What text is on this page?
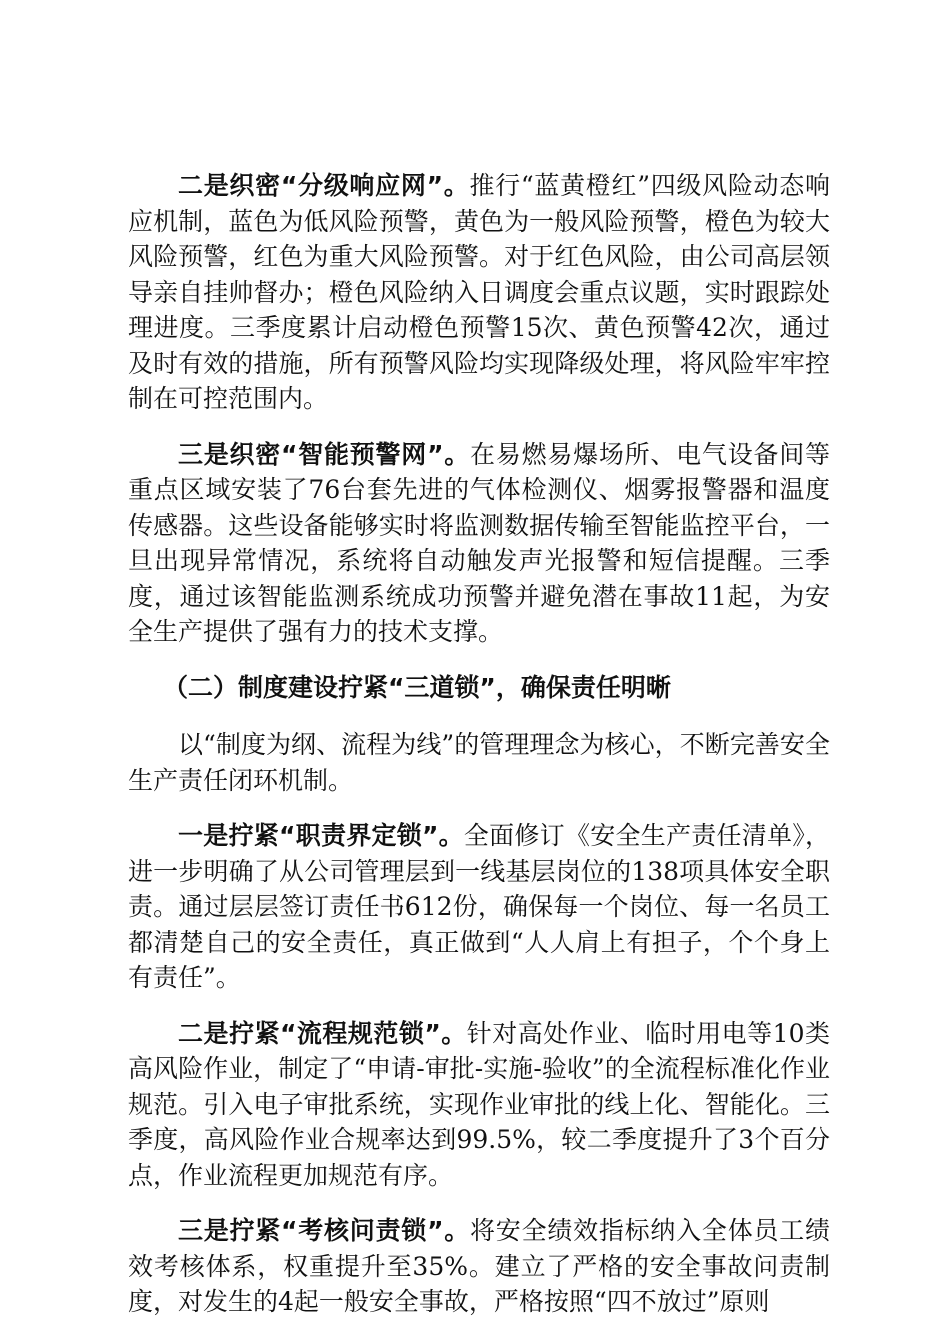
二是织密“分级响应网”。推行“蓝黄橙红”四级风险动态响应机制，蓝色为低风险预警，黄色为一般风险预警，橙色为较大风险预警，红色为重大风险预警。对于红色风险，由公司高层领导亲自挂帅督办；橙色风险纳入日调度会重点议题，实时跟踪处理进度。三季度累计启动橙色预警15次、黄色预警42次，通过及时有效的措施，所有预警风险均实现降级处理，将风险牢牢控制在可控范围内。

三是织密“智能预警网”。在易燃易爆场所、电气设备间等重点区域安装了76台套先进的气体检测仪、烟雾报警器和温度传感器。这些设备能够实时将监测数据传输至智能监控平台，一旦出现异常情况，系统将自动触发声光报警和短信提醒。三季度，通过该智能监测系统成功预警并避免潜在事故11起，为安全生产提供了强有力的技术支撑。

（二）制度建设拧紧“三道锁”，确保责任明晰

以“制度为纲、流程为线”的管理理念为核心，不断完善安全生产责任闭环机制。

一是拧紧“职责界定锁”。全面修订《安全生产责任清单》，进一步明确了从公司管理层到一线基层岗位的138项具体安全职责。通过层层签订责任书612份，确保每一个岗位、每一名员工都清楚自己的安全责任，真正做到“人人肩上有担子，个个身上有责任”。

二是拧紧“流程规范锁”。针对高处作业、临时用电等10类高风险作业，制定了“申请-审批-实施-验收”的全流程标准化作业规范。引入电子审批系统，实现作业审批的线上化、智能化。三季度，高风险作业合规率达到99.5%，较二季度提升了3个百分点，作业流程更加规范有序。

三是拧紧“考核问责锁”。将安全绩效指标纳入全体员工绩效考核体系，权重提升至35%。建立了严格的安全事故问责制度，对发生的4起一般安全事故，严格按照“四不放过”原则
